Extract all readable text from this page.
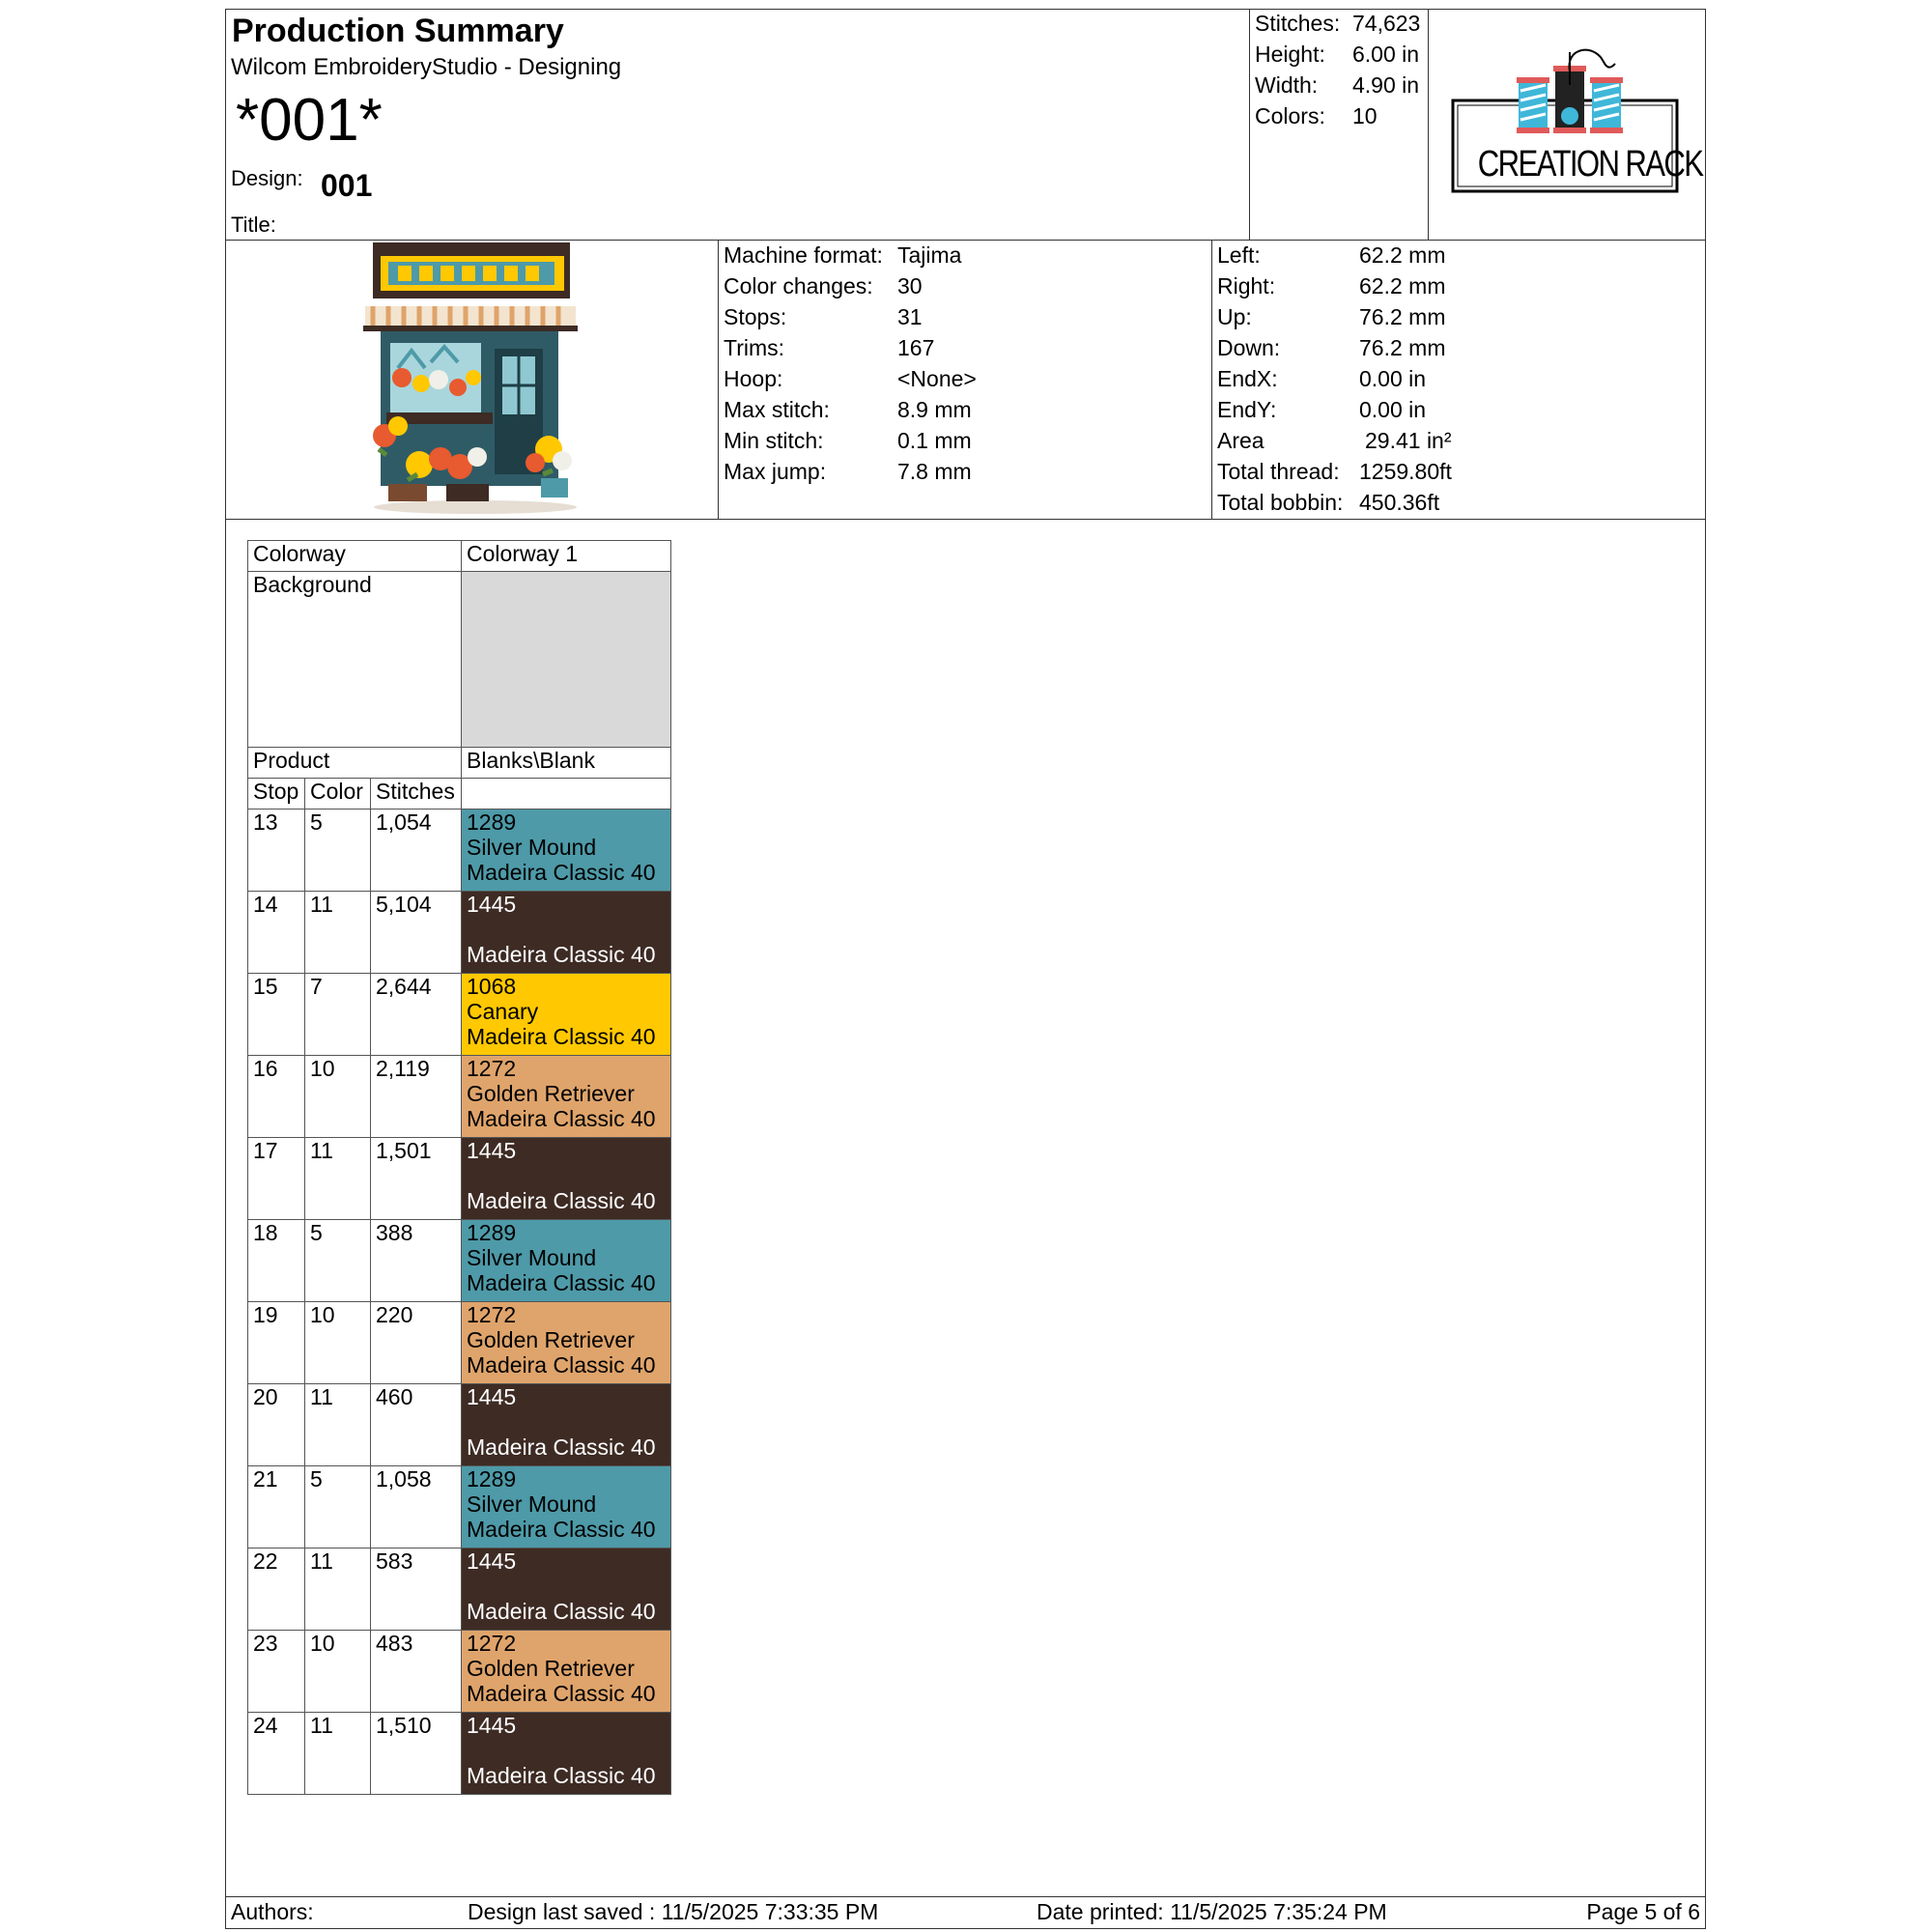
Production Summary
Wilcom EmbroideryStudio - Designing
*001*
Design: 001
Title:
Stitches: 74,623
Height: 6.00 in
Width: 4.90 in
Colors: 10
CREATION RACK
Machine format: Tajima
Color changes: 30
Stops:	31
Trims:	167
Hoop:	<None>
Max stitch:	8.9 mm
Min stitch:	0.1 mm
Max jump:	7.8 mm
Left:	62.2 mm
Right:	62.2 mm
Up:	76.2 mm
Down:	76.2 mm
EndX:	0.00 in
EndY:	0.00 in
Area	29.41 in²
Total thread: 1259.80ft
Total bobbin: 450.36ft
Colorway			Colorway 1
Background			
Product			Blanks\Blank
Stop	Color	Stitches	
13	5	1,054	1289
Silver Mound
Madeira Classic 40

14	11	5,104	1445

Madeira Classic 40

15	7	2,644	1068
Canary
Madeira Classic 40

16	10	2,119	1272
Golden Retriever
Madeira Classic 40

17	11	1,501	1445

Madeira Classic 40

18	5	388	1289
Silver Mound
Madeira Classic 40

19	10	220	1272
Golden Retriever
Madeira Classic 40

20	11	460	1445

Madeira Classic 40

21	5	1,058	1289
Silver Mound
Madeira Classic 40

22	11	583	1445

Madeira Classic 40

23	10	483	1272
Golden Retriever
Madeira Classic 40

24	11	1,510	1445

Madeira Classic 40
Authors:	Design last saved : 11/5/2025 7:33:35 PM	Date printed: 11/5/2025 7:35:24 PM	Page 5 of 6
